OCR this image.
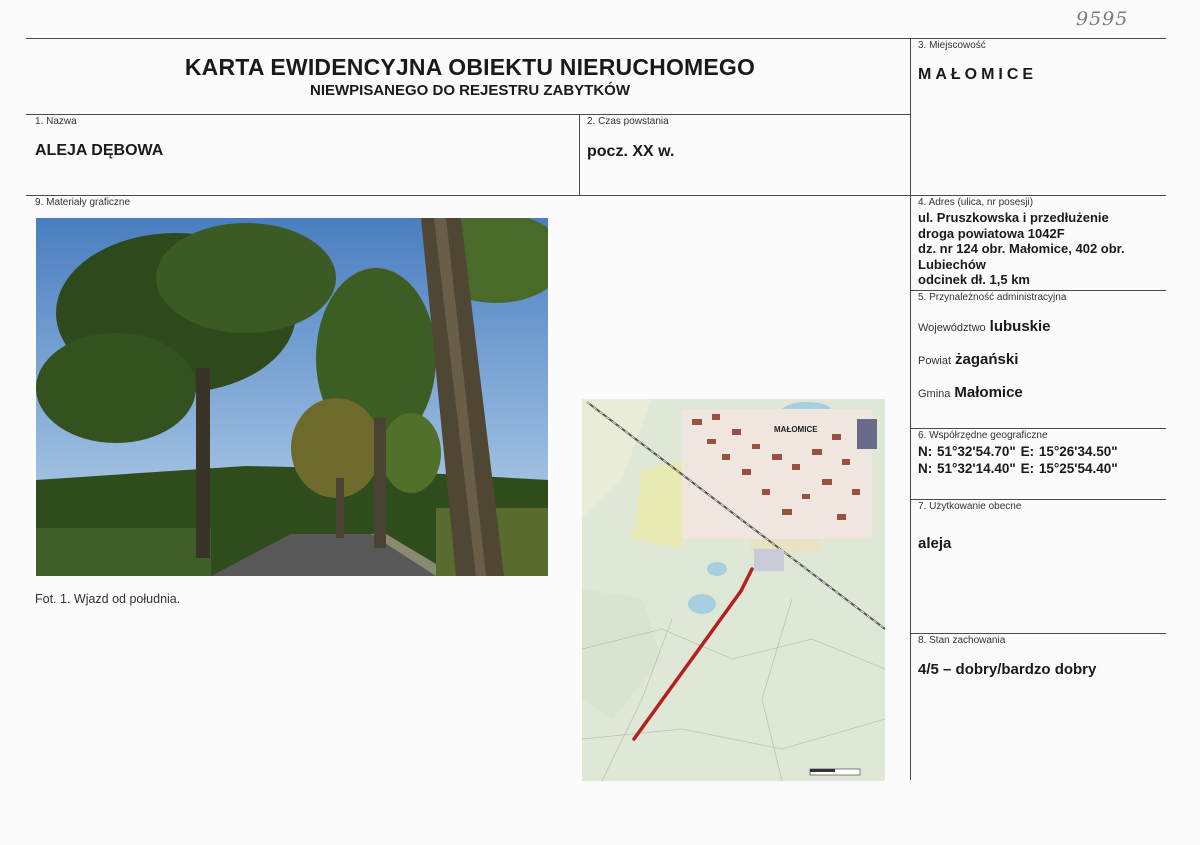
9595
KARTA EWIDENCYJNA OBIEKTU NIERUCHOMEGO
NIEWPISANEGO DO REJESTRU ZABYTKÓW
3. Miejscowość
MAŁOMICE
1. Nazwa
ALEJA DĘBOWA
2. Czas powstania
pocz. XX w.
9. Materiały graficzne
Fot. 1. Wjazd od południa.
MAŁOMICE
4. Adres (ulica, nr posesji)
ul. Pruszkowska i przedłużenie
droga powiatowa 1042F
dz. nr 124 obr. Małomice, 402 obr.
Lubiechów
odcinek dł. 1,5 km
5. Przynależność administracyjna
Województwo lubuskie
Powiat żagański
Gmina Małomice
6. Współrzędne geograficzne
N: 51°32'54.70" E: 15°26'34.50"
N: 51°32'14.40" E: 15°25'54.40"
7. Użytkowanie obecne
aleja
8. Stan zachowania
4/5 – dobry/bardzo dobry
